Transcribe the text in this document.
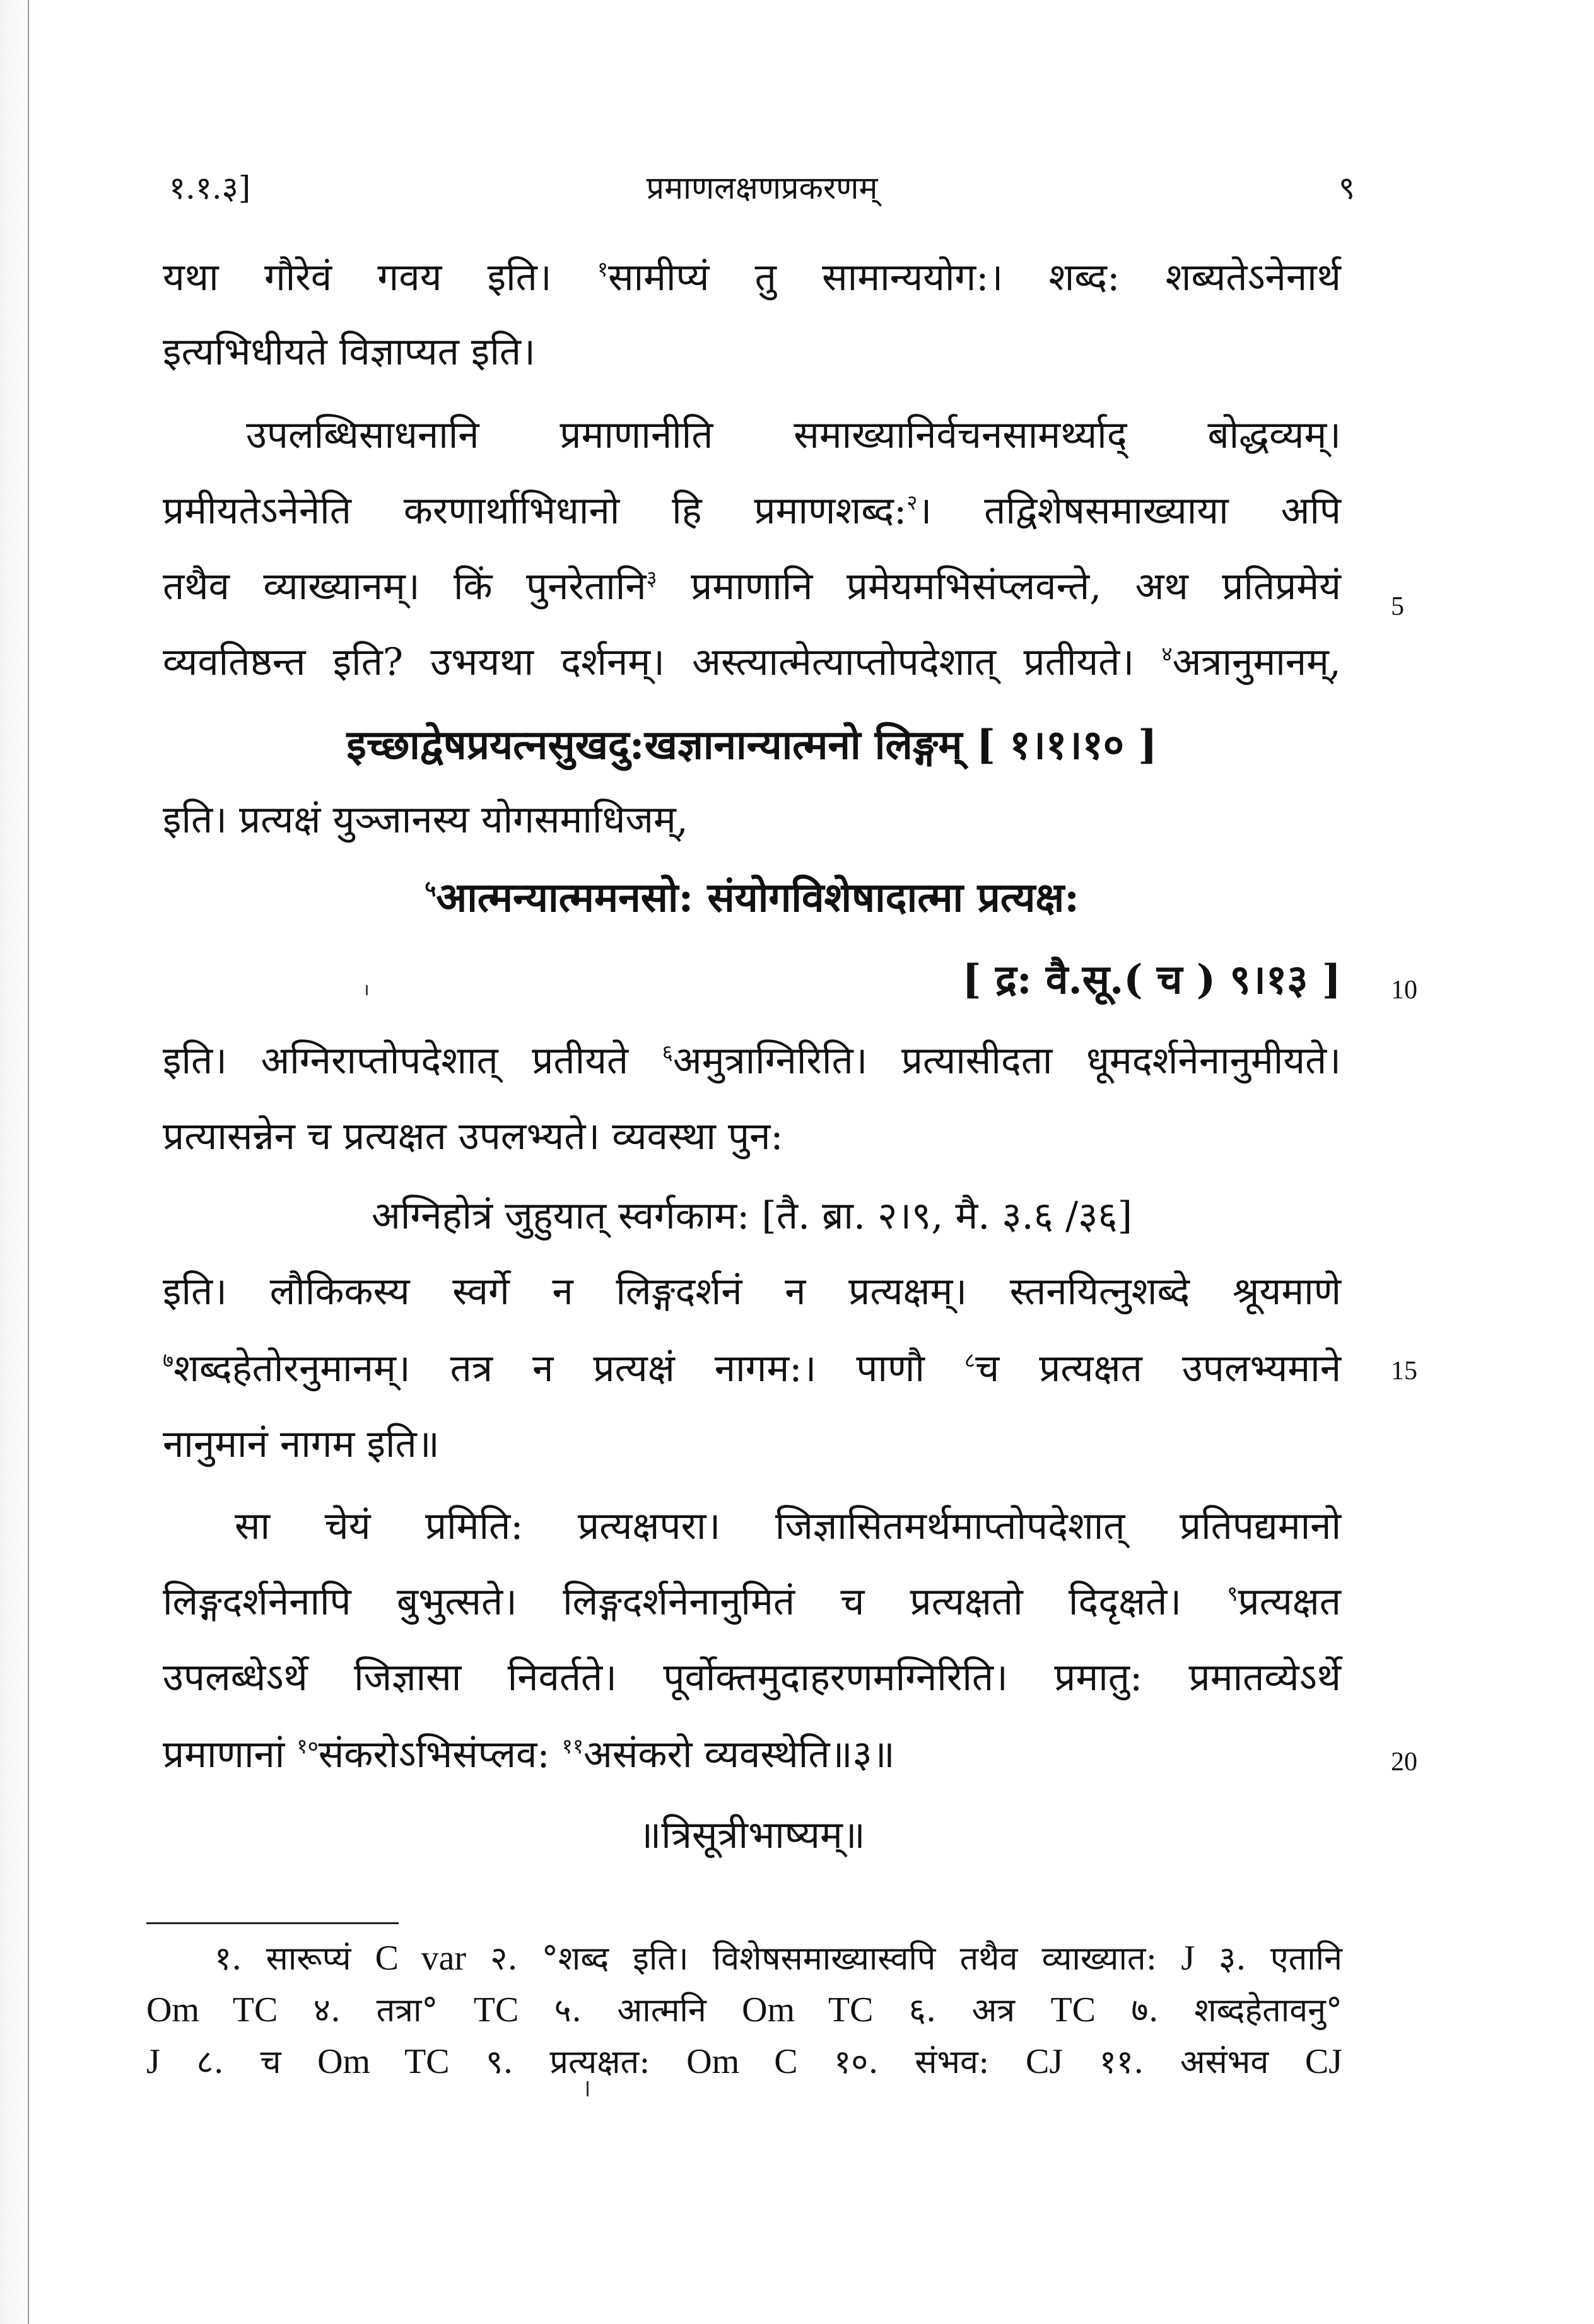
१.१.३]	प्रमाणलक्षणप्रकरणम्	९
यथा गौरेवं गवय इति। $^१$सामीप्यं तु सामान्ययोग:। शब्द: शब्यतेऽनेनार्थ
इत्यभिधीयते विज्ञाप्यत इति।
उपलब्धिसाधनानि प्रमाणानीति समाख्यानिर्वचनसामर्थ्याद् बोद्धव्यम्।
प्रमीयतेऽनेनेति करणार्थाभिधानो हि प्रमाणशब्द:$^२$। तद्विशेषसमाख्याया अपि
तथैव व्याख्यानम्। किं पुनरेतानि$^३$ प्रमाणानि प्रमेयमभिसंप्लवन्ते, अथ प्रतिप्रमेयं
व्यवतिष्ठन्त इति? उभयथा दर्शनम्। अस्त्यात्मेत्याप्तोपदेशात् प्रतीयते। $^४$अत्रानुमानम्,
इच्छाद्वेषप्रयत्नसुखदु:खज्ञानान्यात्मनो लिङ्गम् [ १।१।१० ]
इति। प्रत्यक्षं युञ्जानस्य योगसमाधिजम्,
$^५$आत्मन्यात्ममनसो: संयोगविशेषादात्मा प्रत्यक्ष:
[ द्र: वै.सू.( च ) ९।१३ ]
इति। अग्निराप्तोपदेशात् प्रतीयते $^६$अमुत्राग्निरिति। प्रत्यासीदता धूमदर्शनेनानुमीयते।
प्रत्यासन्नेन च प्रत्यक्षत उपलभ्यते। व्यवस्था पुन:
अग्निहोत्रं जुहुयात् स्वर्गकाम: [तै. ब्रा. २।९, मै. ३.६ /३६]
इति। लौकिकस्य स्वर्गे न लिङ्गदर्शनं न प्रत्यक्षम्। स्तनयित्नुशब्दे श्रूयमाणे
$^७$शब्दहेतोरनुमानम्। तत्र न प्रत्यक्षं नागम:। पाणौ $^८$च प्रत्यक्षत उपलभ्यमाने
नानुमानं नागम इति॥
सा चेयं प्रमिति: प्रत्यक्षपरा। जिज्ञासितमर्थमाप्तोपदेशात् प्रतिपद्यमानो
लिङ्गदर्शनेनापि बुभुत्सते। लिङ्गदर्शनेनानुमितं च प्रत्यक्षतो दिदृक्षते। $^९$प्रत्यक्षत
उपलब्धेऽर्थे जिज्ञासा निवर्तते। पूर्वोक्तमुदाहरणमग्निरिति। प्रमातु: प्रमातव्येऽर्थे
प्रमाणानां $^{१०}$संकरोऽभिसंप्लव: $^{११}$असंकरो व्यवस्थेति॥३॥
॥त्रिसूत्रीभाष्यम्॥
5
10
15
20
१. सारूप्यं C var २. °शब्द इति। विशेषसमाख्यास्वपि तथैव व्याख्यात: J ३. एतानि
Om TC ४. तत्रा° TC ५. आत्मनि Om TC ६. अत्र TC ७. शब्दहेतावनु°
J ८. च Om TC ९. प्रत्यक्षत: Om C १०. संभव: CJ ११. असंभव CJ
